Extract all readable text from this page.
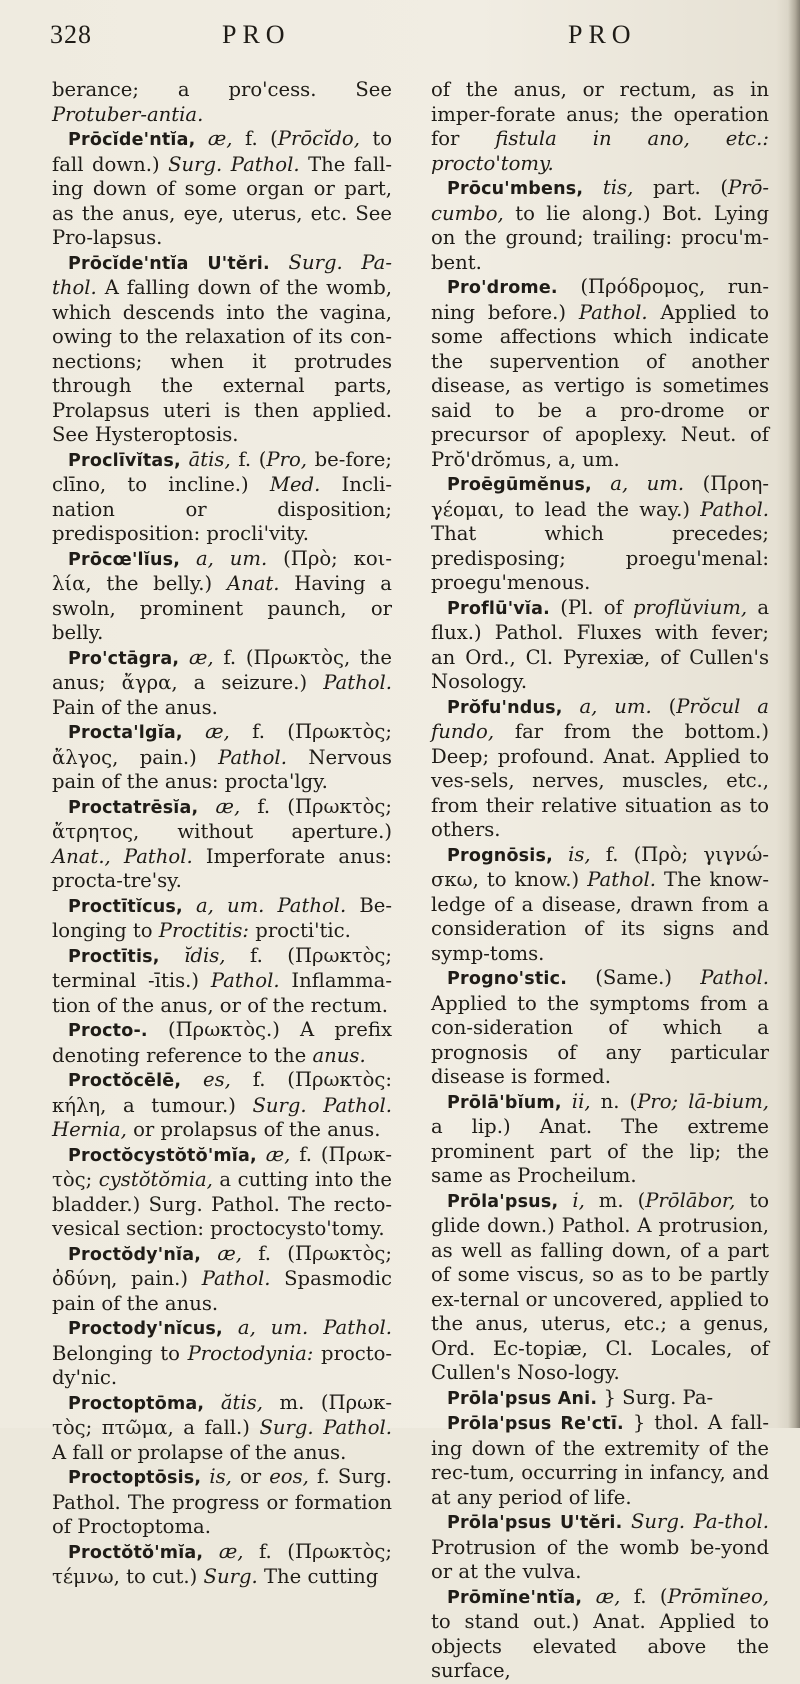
328	PRO	PRO

berance; a pro'cess. See Protuber-antia.

Prōcĭde'ntĭa, æ, f. (Prōcĭdo, to fall down.) Surg. Pathol. The fall-ing down of some organ or part, as the anus, eye, uterus, etc. See Pro-lapsus.

Prōcĭde'ntĭa U'tĕri. Surg. Pa-thol. A falling down of the womb, which descends into the vagina, owing to the relaxation of its con-nections; when it protrudes through the external parts, Prolapsus uteri is then applied. See Hysteroptosis.

Proclīvĭtas, ātis, f. (Pro, be-fore; clīno, to incline.) Med. Incli-nation or disposition; predisposition: procli'vity.

Prōcœ'lĭus, a, um. (Πρὸ; κοι-λία, the belly.) Anat. Having a swoln, prominent paunch, or belly.

Pro'ctāgra, æ, f. (Πρωκτὸς, the anus; ἄγρα, a seizure.) Pathol. Pain of the anus.

Procta'lgĭa, æ, f. (Πρωκτὸς; ἄλγος, pain.) Pathol. Nervous pain of the anus: procta'lgy.

Proctatrēsĭa, æ, f. (Πρωκτὸς; ἄτρητος, without aperture.) Anat., Pathol. Imperforate anus: procta-tre'sy.

Proctītĭcus, a, um. Pathol. Be-longing to Proctitis: procti'tic.

Proctītis, ĭdis, f. (Πρωκτὸς; terminal -ītis.) Pathol. Inflamma-tion of the anus, or of the rectum.

Procto-. (Πρωκτὸς.) A prefix denoting reference to the anus.

Proctŏcēlē, es, f. (Πρωκτὸς: κήλη, a tumour.) Surg. Pathol. Hernia, or prolapsus of the anus.

Proctŏcystŏtŏ'mĭa, æ, f. (Πρωκ-τὸς; cystŏtŏmia, a cutting into the bladder.) Surg. Pathol. The recto-vesical section: proctocysto'tomy.

Proctŏdy'nĭa, æ, f. (Πρωκτὸς; ὀδύνη, pain.) Pathol. Spasmodic pain of the anus.

Proctody'nĭcus, a, um. Pathol. Belonging to Proctodynia: procto-dy'nic.

Proctoptōma, ătis, m. (Πρωκ-τὸς; πτῶμα, a fall.) Surg. Pathol. A fall or prolapse of the anus.

Proctoptōsis, is, or eos, f. Surg. Pathol. The progress or formation of Proctoptoma.

Proctŏtŏ'mĭa, æ, f. (Πρωκτὸς; τέμνω, to cut.) Surg. The cutting

of the anus, or rectum, as in imper-forate anus; the operation for fistula in ano, etc.: procto'tomy.

Prōcu'mbens, tis, part. (Prō-cumbo, to lie along.) Bot. Lying on the ground; trailing: procu'm-bent.

Pro'drome. (Πρόδρομος, run-ning before.) Pathol. Applied to some affections which indicate the supervention of another disease, as vertigo is sometimes said to be a pro-drome or precursor of apoplexy. Neut. of Prŏ'drŏmus, a, um.

Proēgūmĕnus, a, um. (Προη-γέομαι, to lead the way.) Pathol. That which precedes; predisposing; proegu'menal: proegu'menous.

Proflū'vĭa. (Pl. of proflŭvium, a flux.) Pathol. Fluxes with fever; an Ord., Cl. Pyrexiæ, of Cullen's Nosology.

Prŏfu'ndus, a, um. (Prŏcul a fundo, far from the bottom.) Deep; profound. Anat. Applied to ves-sels, nerves, muscles, etc., from their relative situation as to others.

Prognōsis, is, f. (Πρὸ; γιγνώ-σκω, to know.) Pathol. The know-ledge of a disease, drawn from a consideration of its signs and symp-toms.

Progno'stic. (Same.) Pathol. Applied to the symptoms from a con-sideration of which a prognosis of any particular disease is formed.

Prōlā'bĭum, ii, n. (Pro; lā-bium, a lip.) Anat. The extreme prominent part of the lip; the same as Procheilum.

Prōla'psus, i, m. (Prōlābor, to glide down.) Pathol. A protrusion, as well as falling down, of a part of some viscus, so as to be partly ex-ternal or uncovered, applied to the anus, uterus, etc.; a genus, Ord. Ec-topiæ, Cl. Locales, of Cullen's Noso-logy.

Prōla'psus Ani. } Surg. Pa-

Prōla'psus Re'ctī. } thol. A fall-ing down of the extremity of the rec-tum, occurring in infancy, and at any period of life.

Prōla'psus U'tĕri. Surg. Pa-thol. Protrusion of the womb be-yond or at the vulva.

Prōmĭne'ntĭa, æ, f. (Prōmĭneo, to stand out.) Anat. Applied to objects elevated above the surface,
